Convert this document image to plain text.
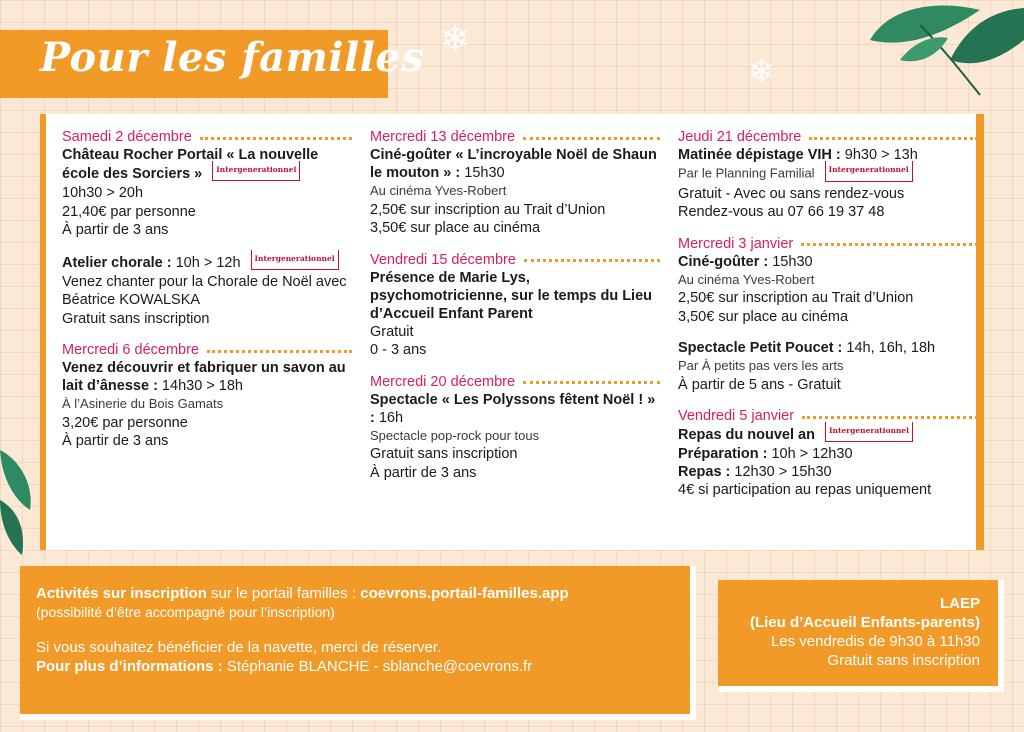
❄
❄
Pour les familles
Samedi 2 décembre
Château Rocher Portail « La nouvelle école des Sorciers » Intergenerationnel
10h30 > 20h
21,40€ par personne
À partir de 3 ans
Atelier chorale : 10h > 12h Intergenerationnel
Venez chanter pour la Chorale de Noël avec Béatrice KOWALSKA
Gratuit sans inscription
Mercredi 6 décembre
Venez découvrir et fabriquer un savon au lait d’ânesse : 14h30 > 18h
À l’Asinerie du Bois Gamats
3,20€ par personne
À partir de 3 ans
Mercredi 13 décembre
Ciné-goûter « L’incroyable Noël de Shaun le mouton » : 15h30
Au cinéma Yves-Robert
2,50€ sur inscription au Trait d’Union
3,50€ sur place au cinéma
Vendredi 15 décembre
Présence de Marie Lys, psychomotricienne, sur le temps du Lieu d’Accueil Enfant Parent
Gratuit
0 - 3 ans
Mercredi 20 décembre
Spectacle « Les Polyssons fêtent Noël ! » : 16h
Spectacle pop-rock pour tous
Gratuit sans inscription
À partir de 3 ans
Jeudi 21 décembre
Matinée dépistage VIH : 9h30 > 13h
Par le Planning Familial Intergenerationnel
Gratuit - Avec ou sans rendez-vous
Rendez-vous au 07 66 19 37 48
Mercredi 3 janvier
Ciné-goûter : 15h30
Au cinéma Yves-Robert
2,50€ sur inscription au Trait d’Union
3,50€ sur place au cinéma
Spectacle Petit Poucet : 14h, 16h, 18h
Par À petits pas vers les arts
À partir de 5 ans - Gratuit
Vendredi 5 janvier
Repas du nouvel an Intergenerationnel
Préparation : 10h > 12h30
Repas : 12h30 > 15h30
4€ si participation au repas uniquement
Activités sur inscription sur le portail familles : coevrons.portail-familles.app
(possibilité d’être accompagné pour l’inscription)
Si vous souhaitez bénéficier de la navette, merci de réserver.
Pour plus d’informations : Stéphanie BLANCHE - sblanche@coevrons.fr
LAEP
(Lieu d’Accueil Enfants-parents)
Les vendredis de 9h30 à 11h30
Gratuit sans inscription
